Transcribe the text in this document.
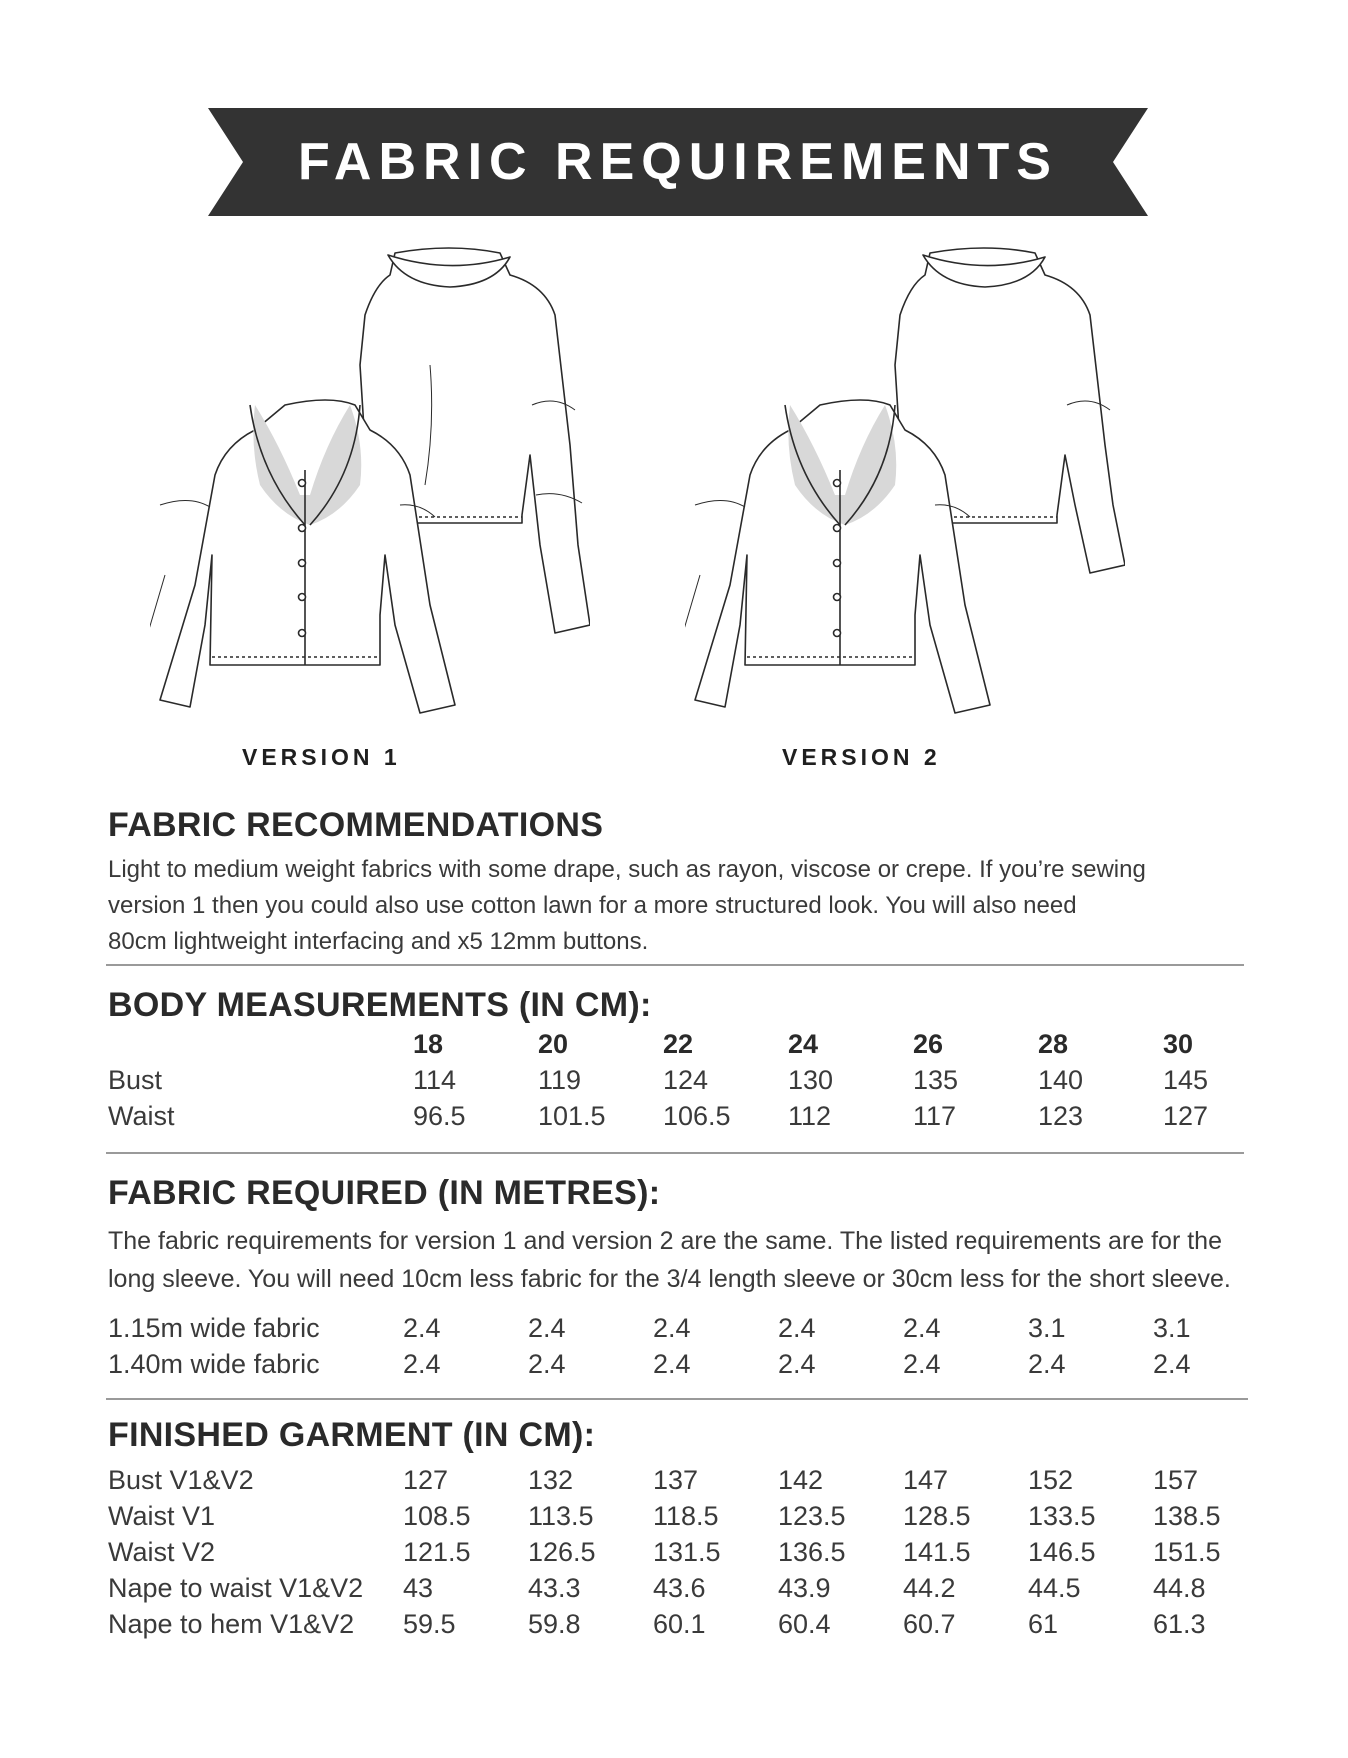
FABRIC REQUIREMENTS
VERSION 1	VERSION 2
FABRIC RECOMMENDATIONS
Light to medium weight fabrics with some drape, such as rayon, viscose or crepe. If you’re sewing
version 1 then you could also use cotton lawn for a more structured look. You will also need
80cm lightweight interfacing and x5 12mm buttons.
BODY MEASUREMENTS (IN CM):
	18	20	22	24	26	28	30
Bust	114	119	124	130	135	140	145
Waist	96.5	101.5	106.5	112	117	123	127
FABRIC REQUIRED (IN METRES):
The fabric requirements for version 1 and version 2 are the same. The listed requirements are for the
long sleeve. You will need 10cm less fabric for the 3/4 length sleeve or 30cm less for the short sleeve.
1.15m wide fabric	2.4	2.4	2.4	2.4	2.4	3.1	3.1
1.40m wide fabric	2.4	2.4	2.4	2.4	2.4	2.4	2.4
FINISHED GARMENT (IN CM):
Bust V1&V2	127	132	137	142	147	152	157
Waist V1	108.5	113.5	118.5	123.5	128.5	133.5	138.5
Waist V2	121.5	126.5	131.5	136.5	141.5	146.5	151.5
Nape to waist V1&V2	43	43.3	43.6	43.9	44.2	44.5	44.8
Nape to hem V1&V2	59.5	59.8	60.1	60.4	60.7	61	61.3
